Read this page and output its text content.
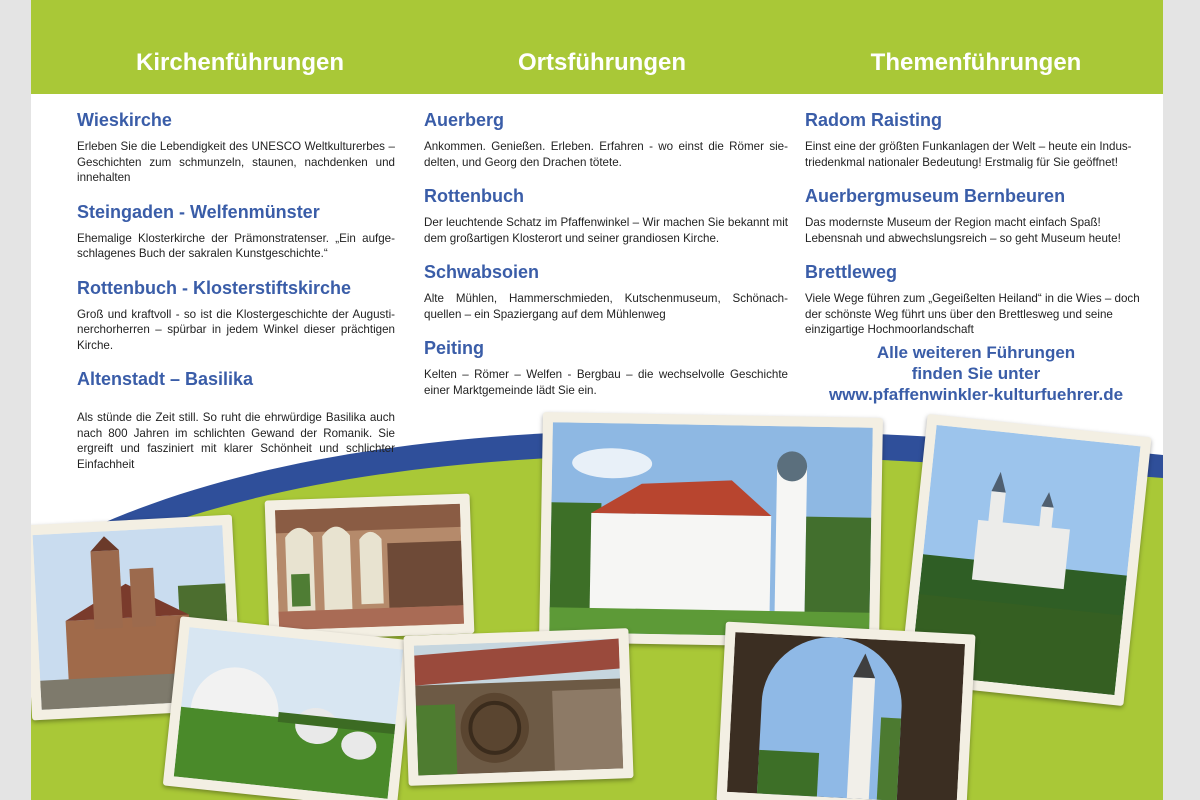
Kirchenführungen	Ortsführungen	Themenführungen
Wieskirche

Erleben Sie die Lebendigkeit des UNESCO Weltkulturerbes – Geschichten zum schmunzeln, staunen, nachdenken und innehalten

Steingaden - Welfenmünster

Ehemalige Klosterkirche der Prämonstratenser. „Ein aufge-schlagenes Buch der sakralen Kunstgeschichte.“

Rottenbuch - Klosterstiftskirche

Groß und kraftvoll - so ist die Klostergeschichte der Augusti-nerchorherren – spürbar in jedem Winkel dieser prächtigen Kirche.

Altenstadt – Basilika

Als stünde die Zeit still. So ruht die ehrwürdige Basilika auch nach 800 Jahren im schlichten Gewand der Romanik. Sie ergreift und fasziniert mit klarer Schönheit und schlichter Einfachheit

Auerberg

Ankommen. Genießen. Erleben. Erfahren - wo einst die Römer sie-delten, und Georg den Drachen tötete.

Rottenbuch

Der leuchtende Schatz im Pfaffenwinkel – Wir machen Sie bekannt mit dem großartigen Klosterort und seiner grandiosen Kirche.

Schwabsoien

Alte Mühlen, Hammerschmieden, Kutschenmuseum, Schönach-quellen – ein Spaziergang auf dem Mühlenweg

Peiting

Kelten – Römer – Welfen - Bergbau – die wechselvolle Geschichte einer Marktgemeinde lädt Sie ein.

Radom Raisting

Einst eine der größten Funkanlagen der Welt – heute ein Indus-triedenkmal nationaler Bedeutung! Erstmalig für Sie geöffnet!

Auerbergmuseum Bernbeuren

Das modernste Museum der Region macht einfach Spaß! Lebensnah und abwechslungsreich – so geht Museum heute!

Brettleweg

Viele Wege führen zum „Gegeißelten Heiland“ in die Wies – doch der schönste Weg führt uns über den Brettlesweg und seine einzigartige Hochmoorlandschaft

Alle weiteren Führungen
finden Sie unter
www.pfaffenwinkler-kulturfuehrer.de
